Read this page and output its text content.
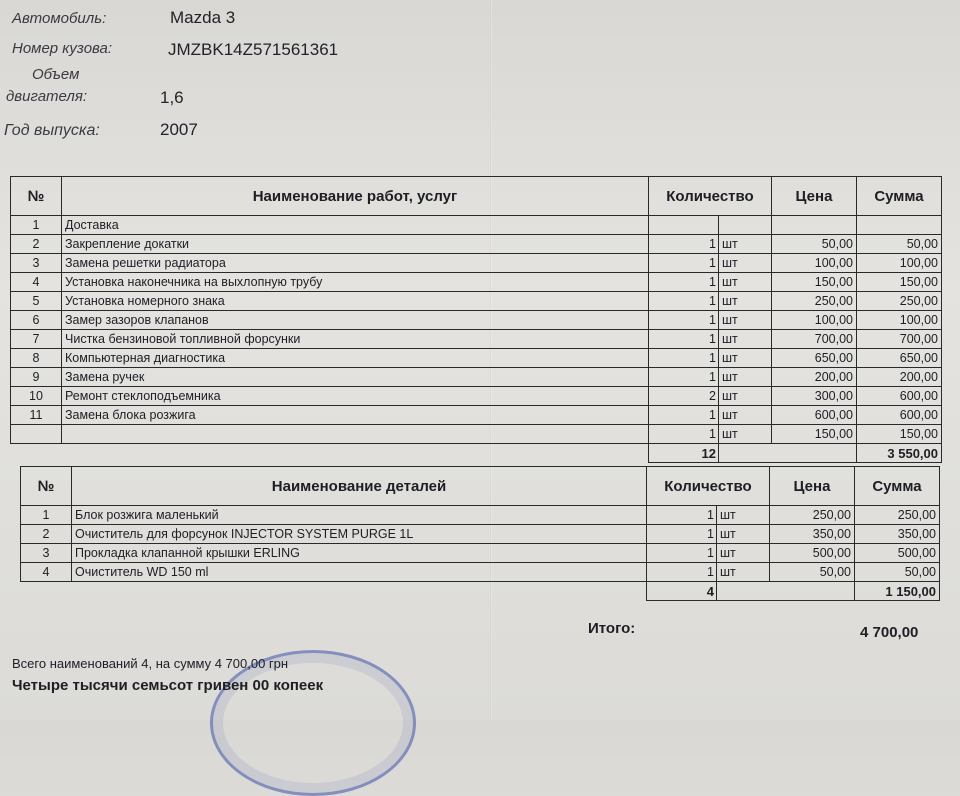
Автомобиль:	Mazda 3
Номер кузова:	JMZBK14Z571561361
Объем
двигателя:	1,6
Год выпуска:	2007
№	Наименование работ, услуг	Количество		Цена	Сумма
1	Доставка				
2	Закрепление докатки	1	шт	50,00	50,00
3	Замена решетки радиатора	1	шт	100,00	100,00
4	Установка наконечника на выхлопную трубу	1	шт	150,00	150,00
5	Установка номерного знака	1	шт	250,00	250,00
6	Замер зазоров клапанов	1	шт	100,00	100,00
7	Чистка бензиновой топливной форсунки	1	шт	700,00	700,00
8	Компьютерная диагностика	1	шт	650,00	650,00
9	Замена ручек	1	шт	200,00	200,00
10	Ремонт стеклоподъемника	2	шт	300,00	600,00
11	Замена блока розжига	1	шт	600,00	600,00
		1	шт	150,00	150,00
		12			3 550,00
№	Наименование деталей	Количество		Цена	Сумма
1	Блок розжига маленький	1	шт	250,00	250,00
2	Очиститель для форсунок INJECTOR SYSTEM PURGE 1L	1	шт	350,00	350,00
3	Прокладка клапанной крышки ERLING	1	шт	500,00	500,00
4	Очиститель WD 150 ml	1	шт	50,00	50,00
		4			1 150,00
Итого:	4 700,00
Всего наименований 4, на сумму 4 700,00 грн
Четыре тысячи семьсот гривен 00 копеек
